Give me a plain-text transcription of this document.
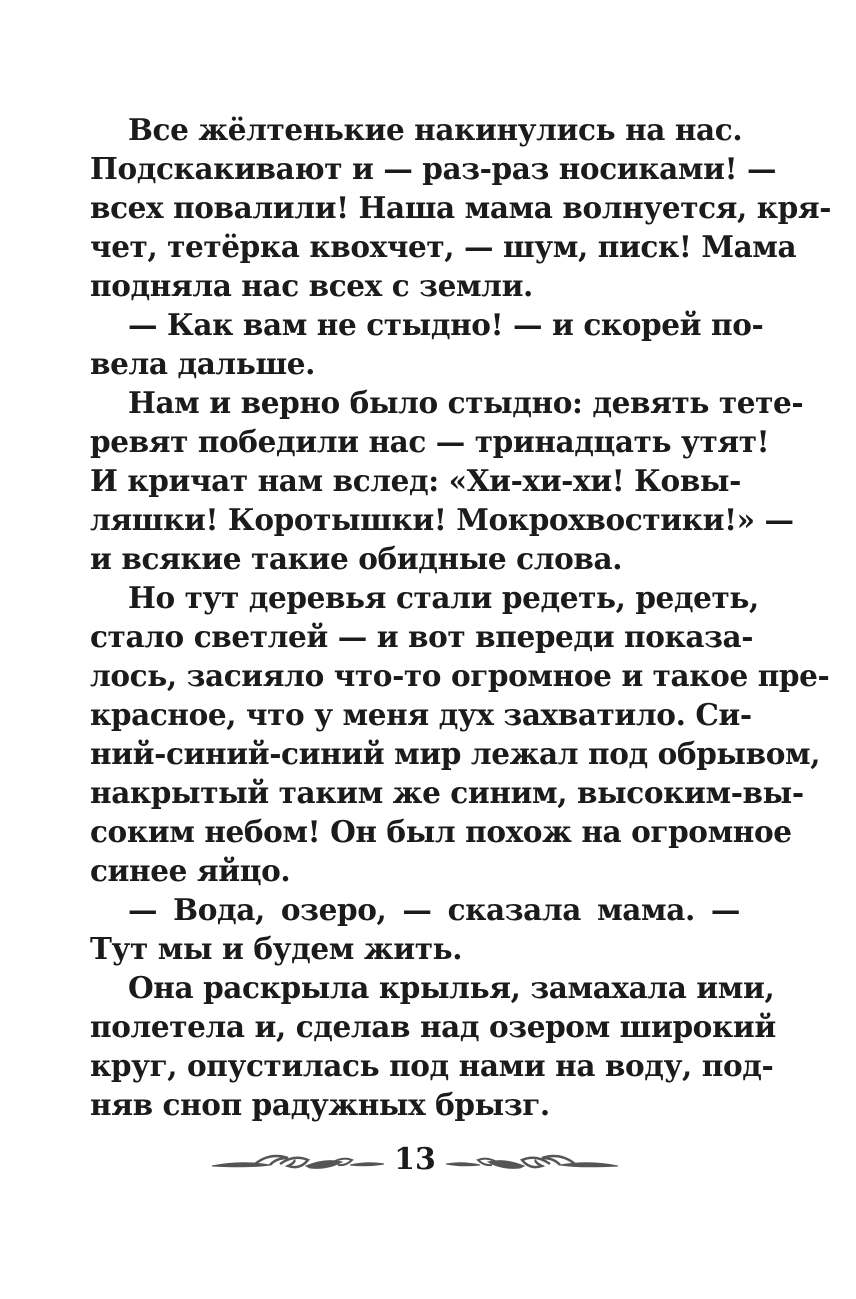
Все жёлтенькие накинулись на нас.
Подскакивают и — раз-раз носиками! —
всех повалили! Наша мама волнуется, кря-
чет, тетёрка квохчет, — шум, писк! Мама
подняла нас всех с земли.
— Как вам не стыдно! — и скорей по-
вела дальше.
Нам и верно было стыдно: девять тете-
ревят победили нас — тринадцать утят!
И кричат нам вслед: «Хи-хи-хи! Ковы-
ляшки! Коротышки! Мокрохвостики!» —
и всякие такие обидные слова.
Но тут деревья стали редеть, редеть,
стало светлей — и вот впереди показа-
лось, засияло что-то огромное и такое пре-
красное, что у меня дух захватило. Си-
ний-синий-синий мир лежал под обрывом,
накрытый таким же синим, высоким-вы-
соким небом! Он был похож на огромное
синее яйцо.
— Вода, озеро, — сказала мама. —
Тут мы и будем жить.
Она раскрыла крылья, замахала ими,
полетела и, сделав над озером широкий
круг, опустилась под нами на воду, под-
няв сноп радужных брызг.
13
